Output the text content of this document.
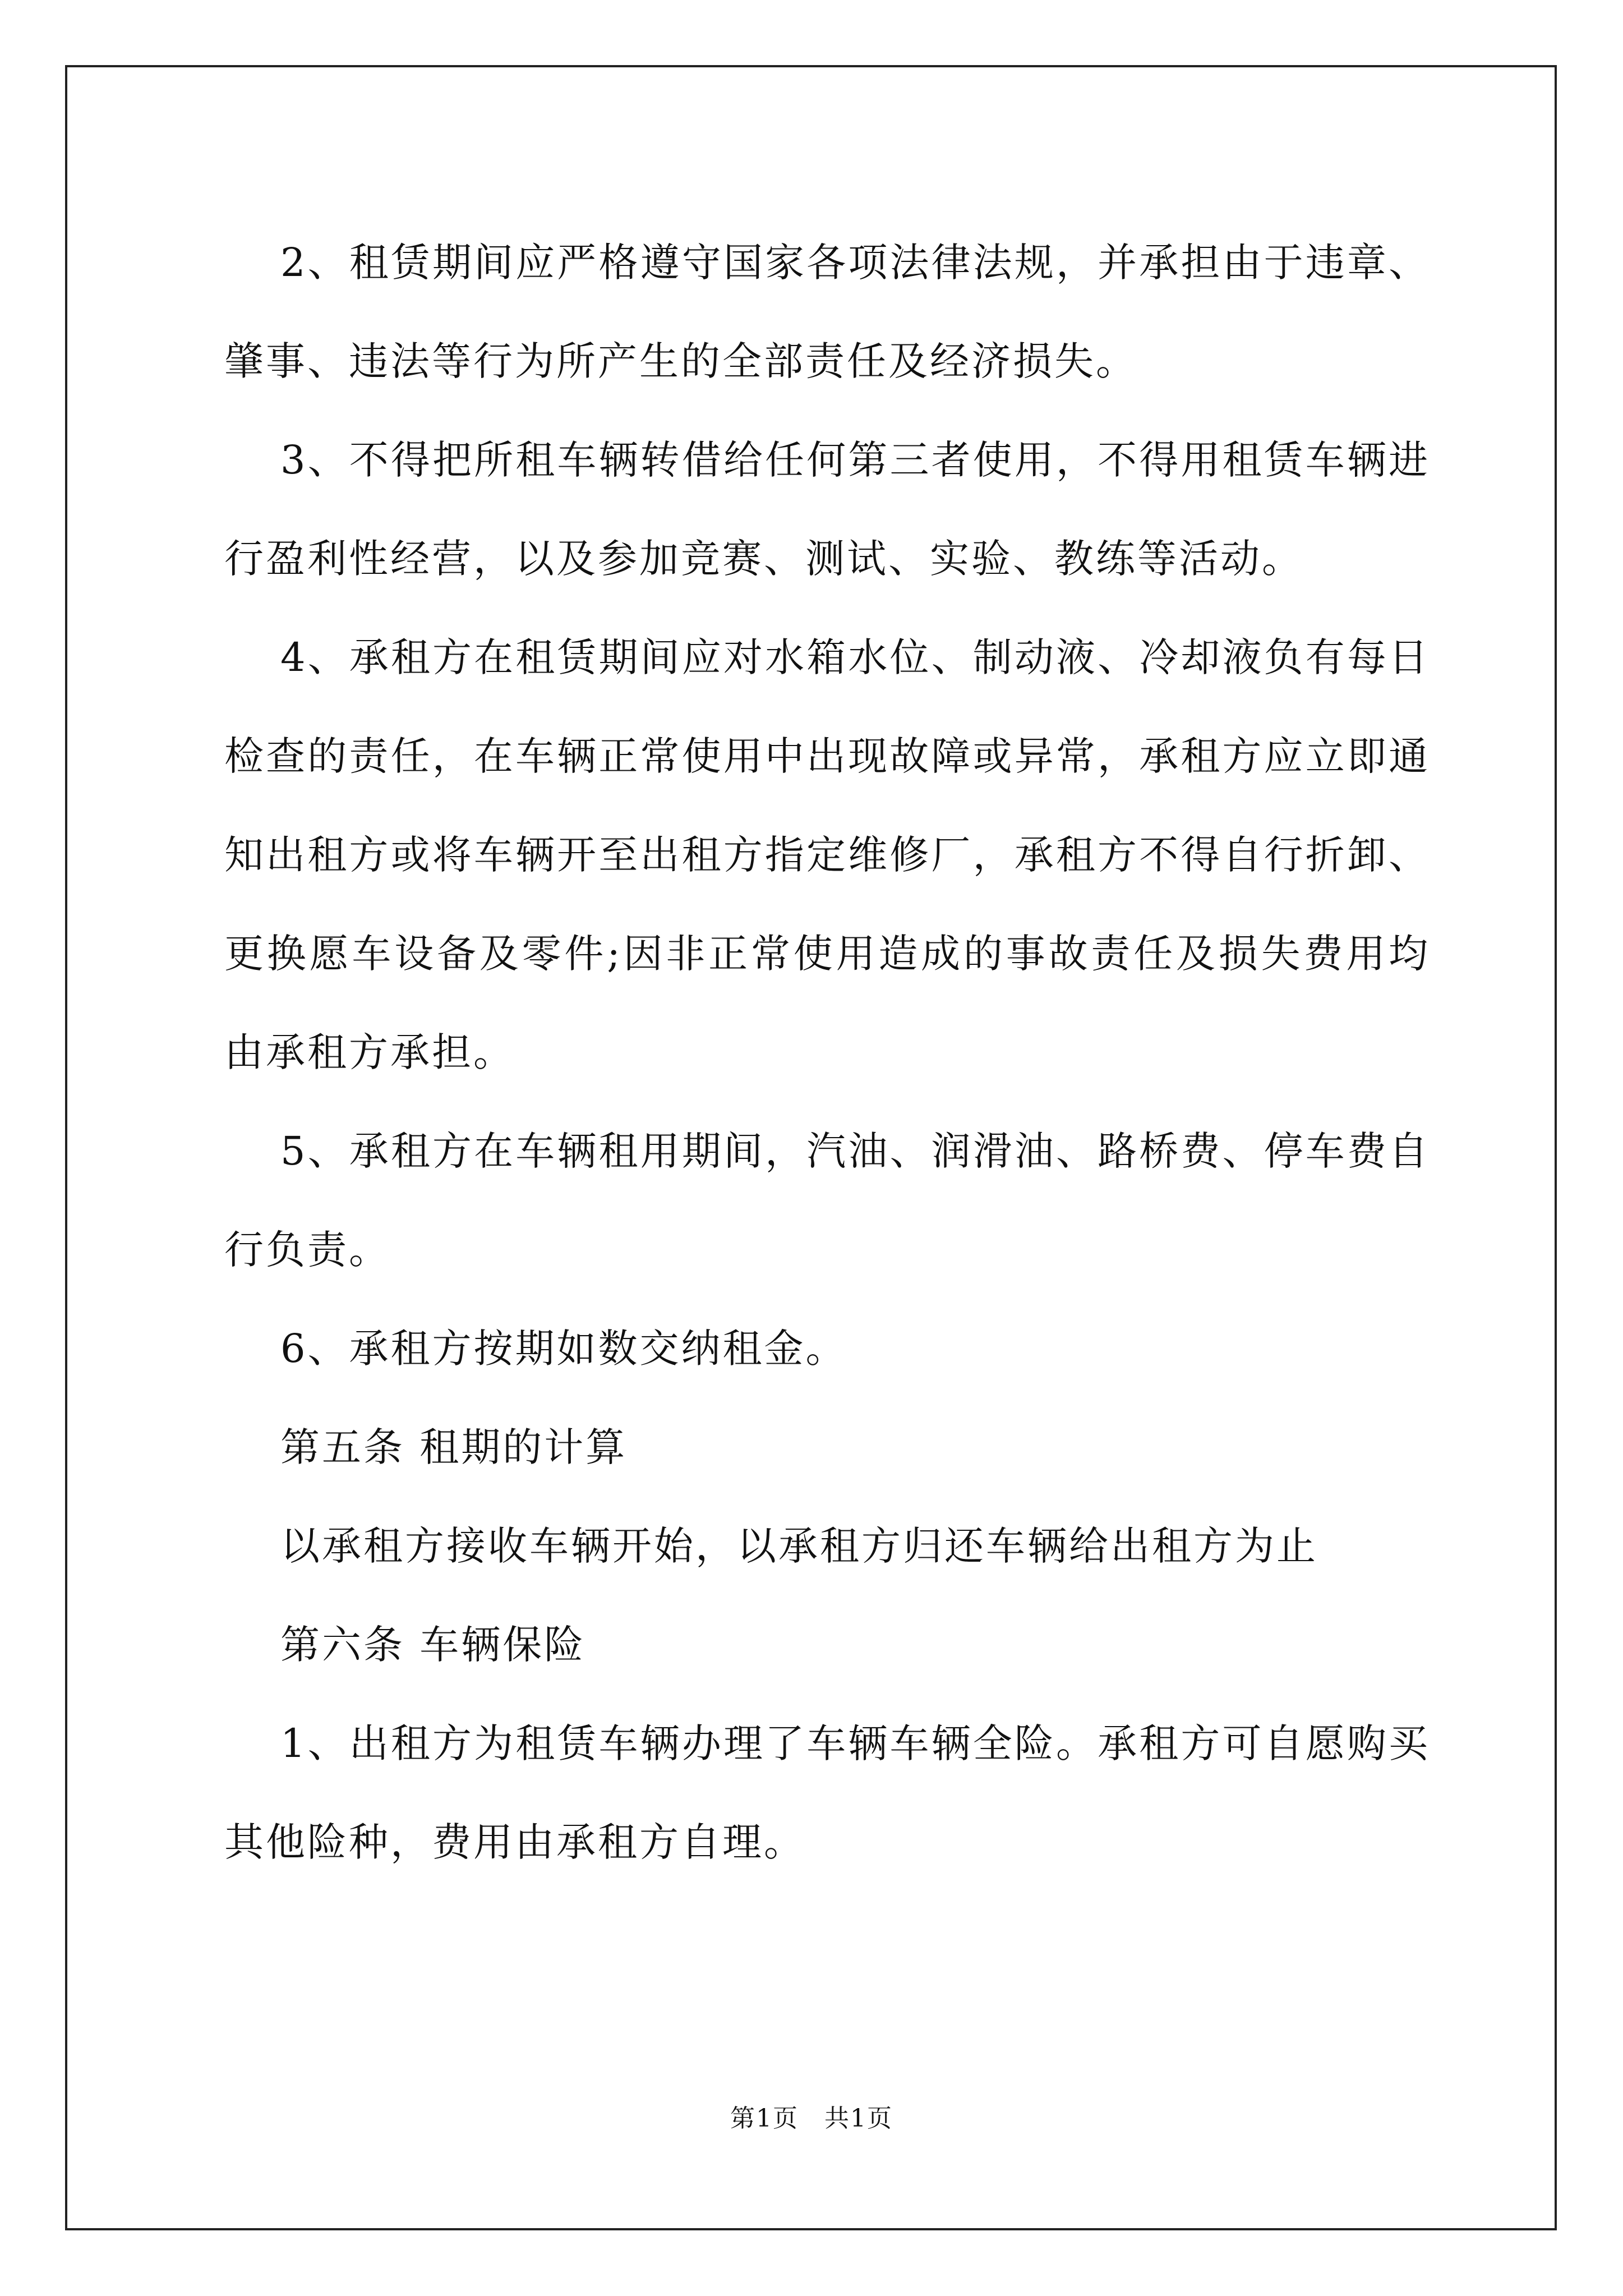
2、租赁期间应严格遵守国家各项法律法规，并承担由于违章、肇事、违法等行为所产生的全部责任及经济损失。

3、不得把所租车辆转借给任何第三者使用，不得用租赁车辆进行盈利性经营，以及参加竞赛、测试、实验、教练等活动。

4、承租方在租赁期间应对水箱水位、制动液、冷却液负有每日检查的责任，在车辆正常使用中出现故障或异常，承租方应立即通知出租方或将车辆开至出租方指定维修厂，承租方不得自行折卸、更换愿车设备及零件;因非正常使用造成的事故责任及损失费用均由承租方承担。

5、承租方在车辆租用期间，汽油、润滑油、路桥费、停车费自行负责。

6、承租方按期如数交纳租金。

第五条 租期的计算

以承租方接收车辆开始，以承租方归还车辆给出租方为止

第六条 车辆保险

1、出租方为租赁车辆办理了车辆车辆全险。承租方可自愿购买其他险种，费用由承租方自理。

第1页　共1页
